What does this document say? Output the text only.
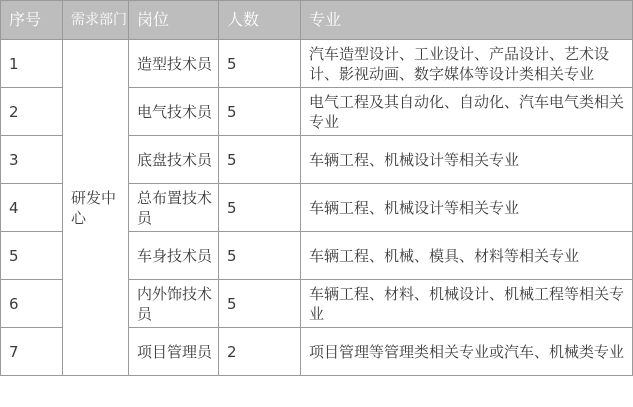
序号	需求部门	岗位	人数	专业
1	研发中心	造型技术员	5	汽车造型设计、工业设计、产品设计、艺术设计、影视动画、数字媒体等设计类相关专业
2		电气技术员	5	电气工程及其自动化、自动化、汽车电气类相关专业
3		底盘技术员	5	车辆工程、机械设计等相关专业
4		总布置技术员	5	车辆工程、机械设计等相关专业
5		车身技术员	5	车辆工程、机械、模具、材料等相关专业
6		内外饰技术员	5	车辆工程、材料、机械设计、机械工程等相关专业
7		项目管理员	2	项目管理等管理类相关专业或汽车、机械类专业
